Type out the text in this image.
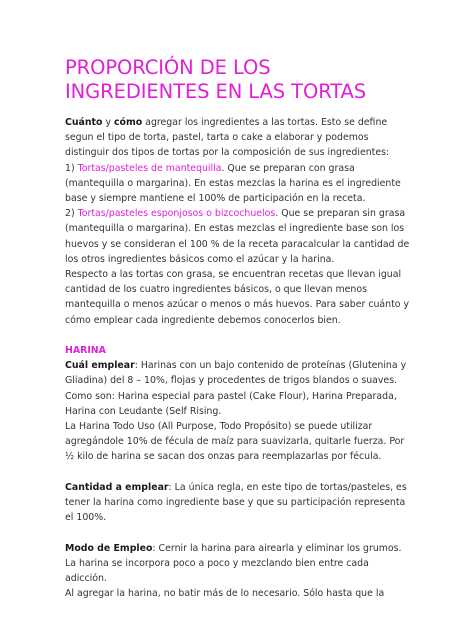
PROPORCIÓN DE LOS
INGREDIENTES EN LAS TORTAS
Cuánto y cómo agregar los ingredientes a las tortas. Esto se define
segun el tipo de torta, pastel, tarta o cake a elaborar y podemos
distinguir dos tipos de tortas por la composición de sus ingredientes:
1) Tortas/pasteles de mantequilla. Que se preparan con grasa
(mantequilla o margarina). En estas mezclas la harina es el ingrediente
base y siempre mantiene el 100% de participación en la receta.
2) Tortas/pasteles esponjosos o bizcochuelos. Que se preparan sin grasa
(mantequilla o margarina). En estas mezclas el ingrediente base son los
huevos y se consideran el 100 % de la receta paracalcular la cantidad de
los otros ingredientes básicos como el azúcar y la harina.
Respecto a las tortas con grasa, se encuentran recetas que llevan igual
cantidad de los cuatro ingredientes básicos, o que llevan menos
mantequilla o menos azúcar o menos o más huevos. Para saber cuánto y
cómo emplear cada ingrediente debemos conocerlos bien.
HARINA
Cuál emplear: Harinas con un bajo contenido de proteínas (Glutenina y
Gliadina) del 8 – 10%, flojas y procedentes de trigos blandos o suaves.
Como son: Harina especial para pastel (Cake Flour), Harina Preparada,
Harina con Leudante (Self Rising.
La Harina Todo Uso (All Purpose, Todo Propósito) se puede utilizar
agregándole 10% de fécula de maíz para suavizarla, quitarle fuerza. Por
½ kilo de harina se sacan dos onzas para reemplazarlas por fécula.
Cantidad a emplear: La única regla, en este tipo de tortas/pasteles, es
tener la harina como ingrediente base y que su participación representa
el 100%.
Modo de Empleo: Cernir la harina para airearla y eliminar los grumos.
La harina se incorpora poco a poco y mezclando bien entre cada
adicción.
Al agregar la harina, no batir más de lo necesario. Sólo hasta que la
